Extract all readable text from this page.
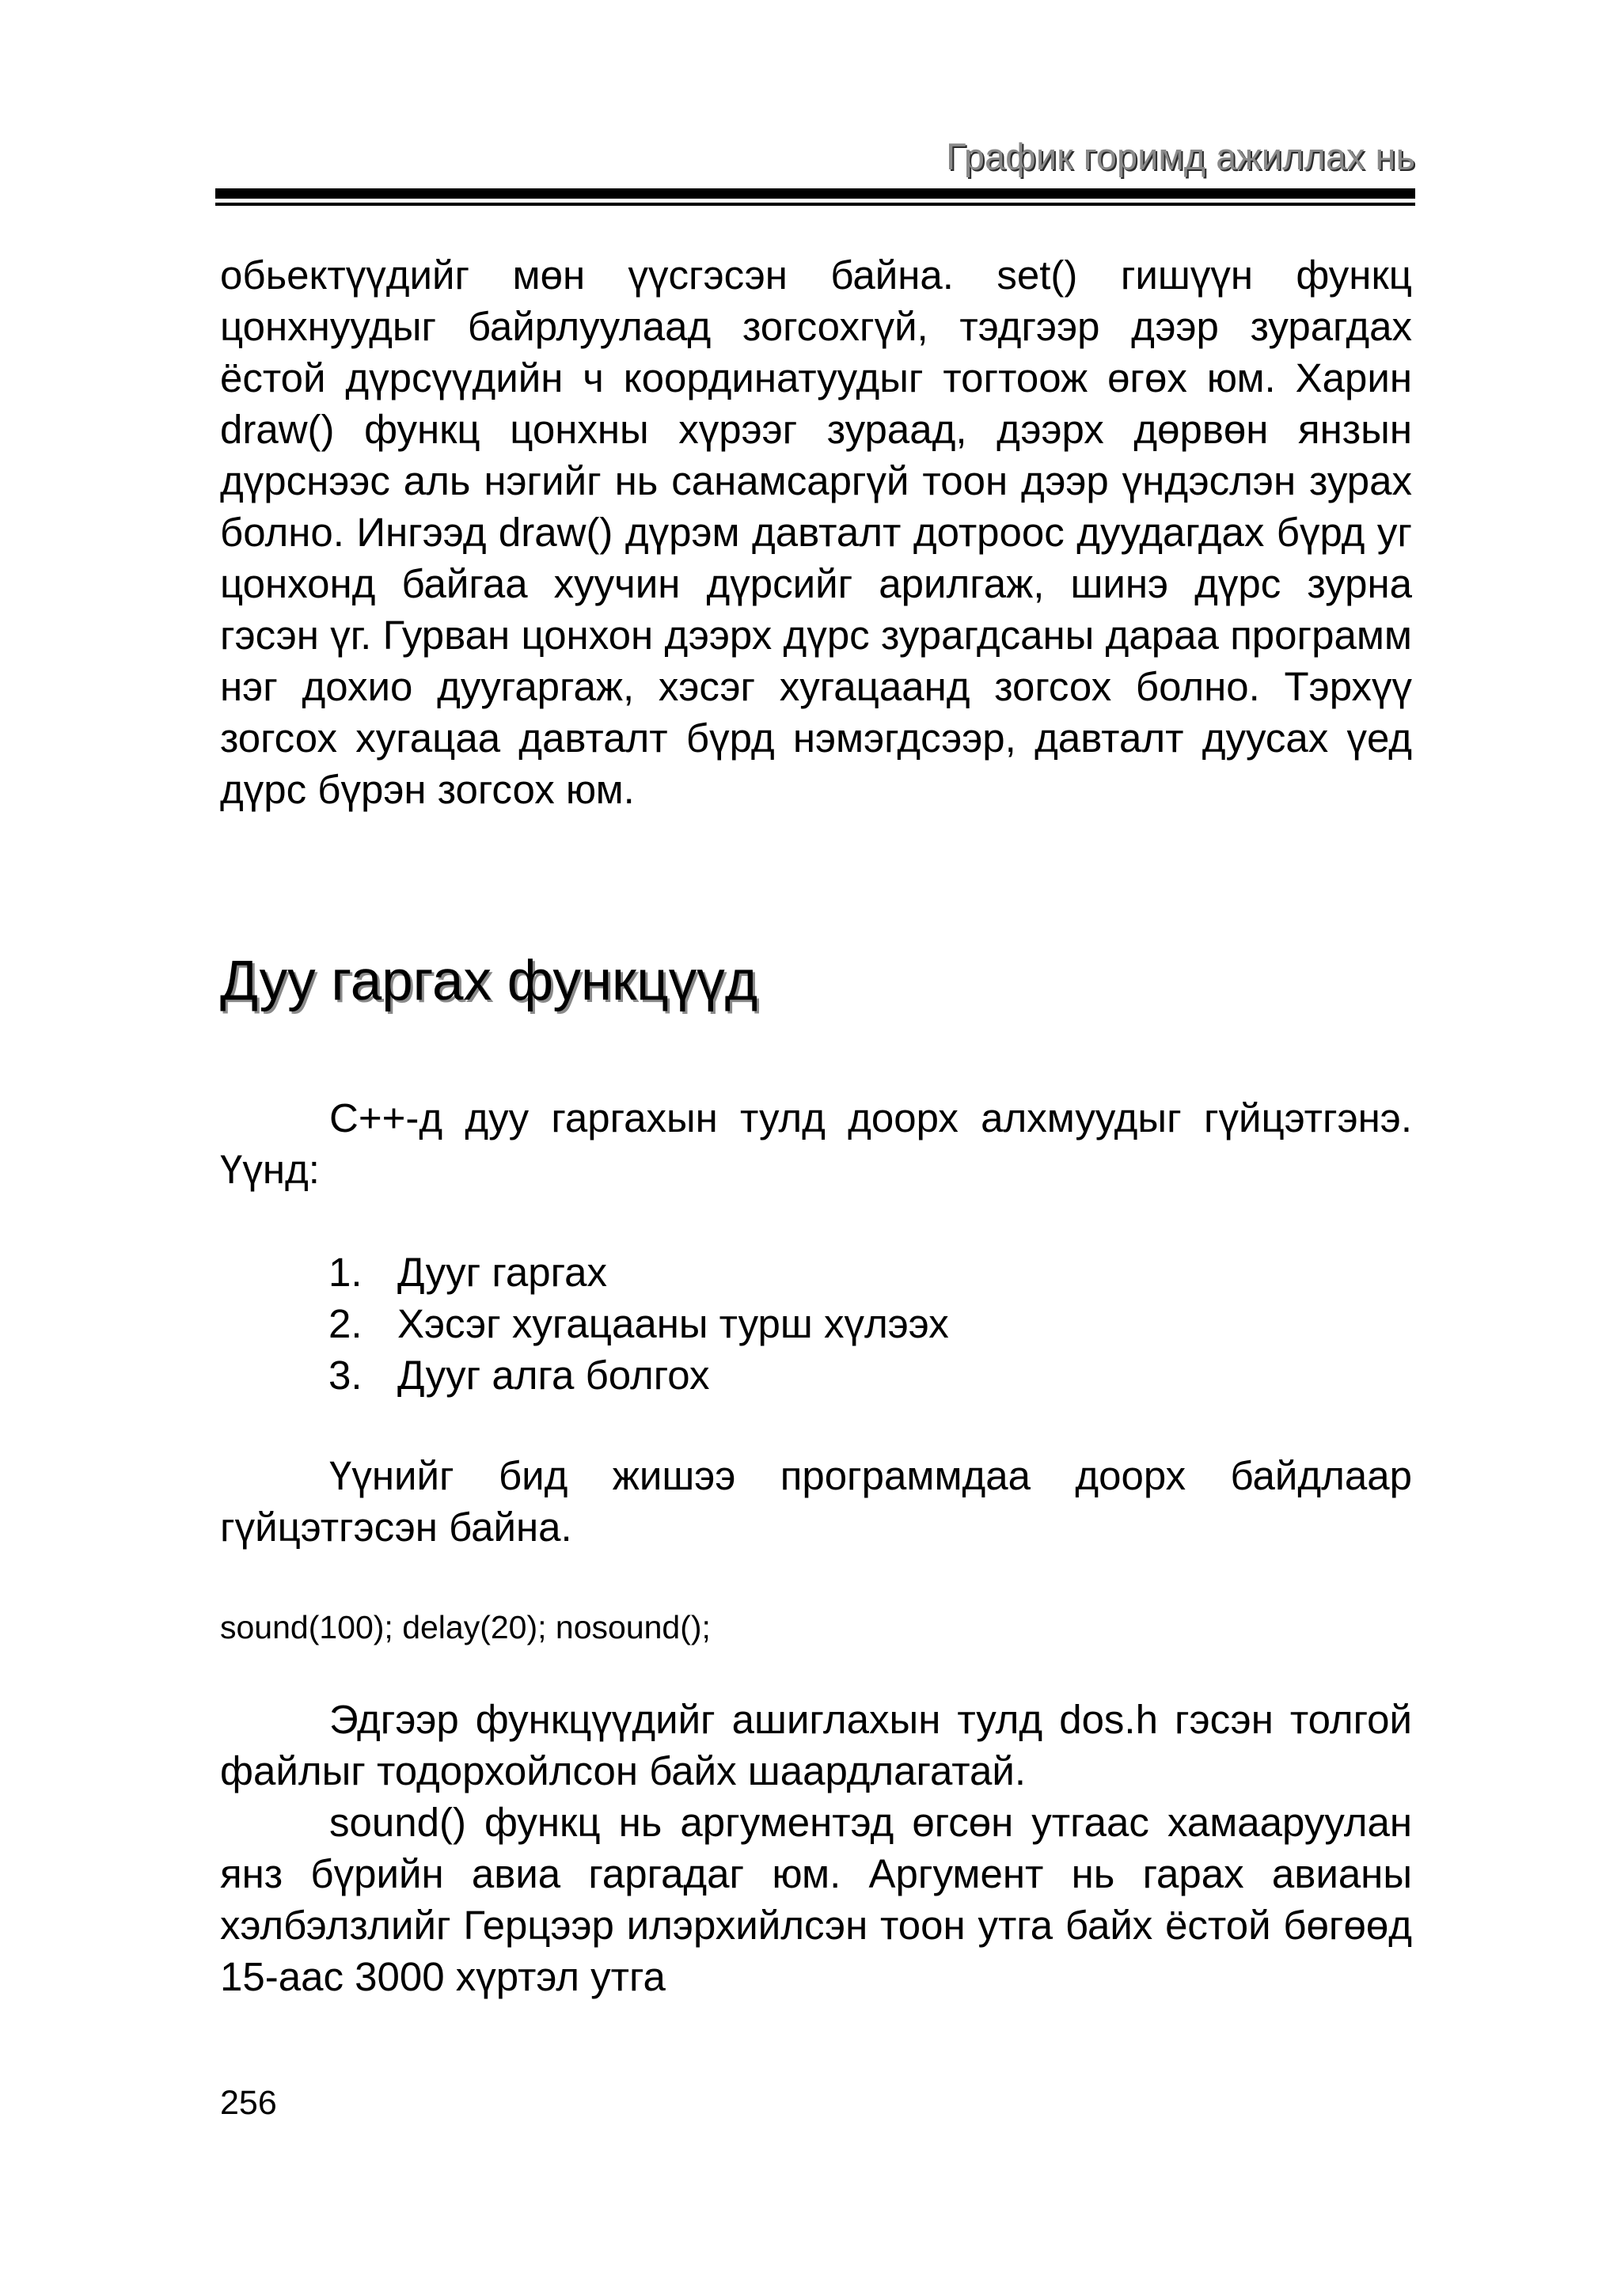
График горимд ажиллах нь

обьектүүдийг мөн үүсгэсэн байна. set() гишүүн функц цонхнуудыг байрлуулаад зогсохгүй, тэдгээр дээр зурагдах ёстой дүрсүүдийн ч координатуудыг тогтоож өгөх юм. Харин draw() функц цонхны хүрээг зураад, дээрх дөрвөн янзын дүрснээс аль нэгийг нь санамсаргүй тоон дээр үндэслэн зурах болно. Ингээд draw() дүрэм давталт дотроос дуудагдах бүрд уг цонхонд байгаа хуучин дүрсийг арилгаж, шинэ дүрс зурна гэсэн үг. Гурван цонхон дээрх дүрс зурагдсаны дараа программ нэг дохио дуугаргаж, хэсэг хугацаанд зогсох болно. Тэрхүү зогсох хугацаа давталт бүрд нэмэгдсээр, давталт дуусах үед дүрс бүрэн зогсох юм.

Дуу гаргах функцүүд

С++-д дуу гаргахын тулд доорх алхмуудыг гүйцэтгэнэ. Үүнд:

1. Дууг гаргах
2. Хэсэг хугацааны турш хүлээх
3. Дууг алга болгох

Үүнийг бид жишээ программдаа доорх байдлаар гүйцэтгэсэн байна.

sound(100); delay(20); nosound();

Эдгээр функцүүдийг ашиглахын тулд dos.h гэсэн толгой файлыг тодорхойлсон байх шаардлагатай.

sound() функц нь аргументэд өгсөн утгаас хамааруулан янз бүрийн авиа гаргадаг юм. Аргумент нь гарах авианы хэлбэлзлийг Герцээр илэрхийлсэн тоон утга байх ёстой бөгөөд 15-аас 3000 хүртэл утга

256
